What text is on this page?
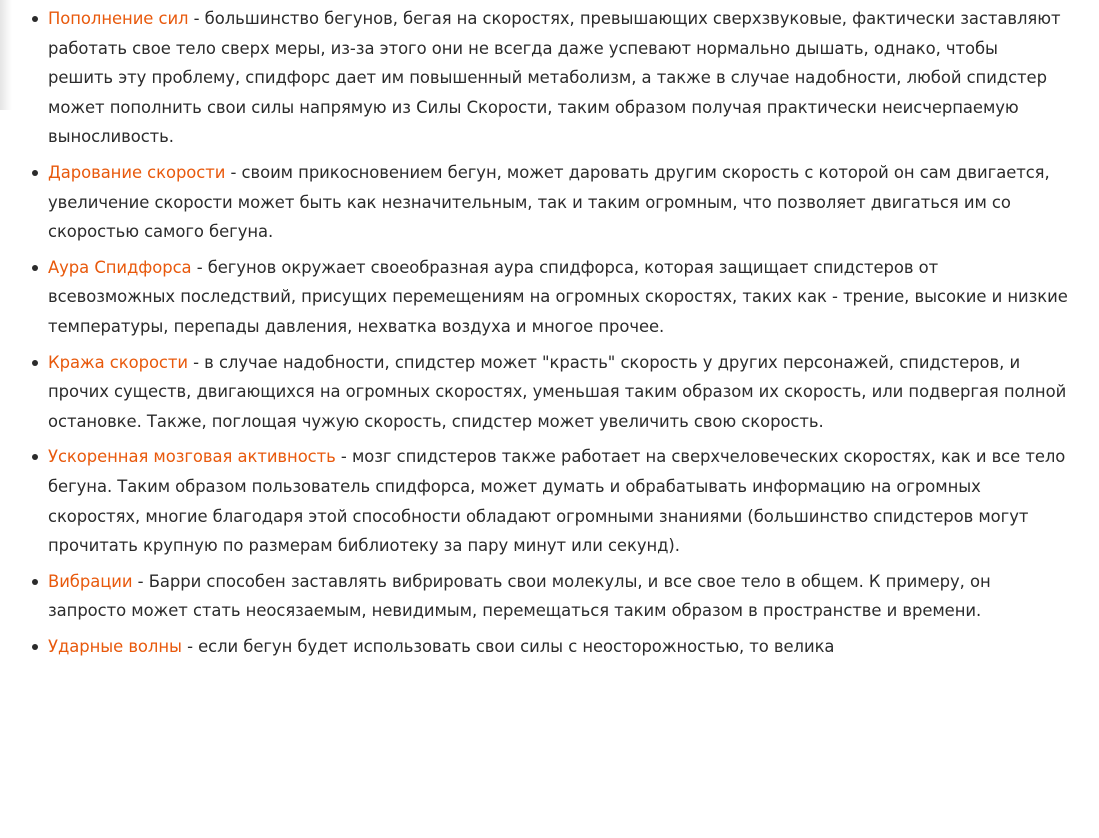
Пополнение сил - большинство бегунов, бегая на скоростях, превышающих сверхзвуковые, фактически заставляют работать свое тело сверх меры, из-за этого они не всегда даже успевают нормально дышать, однако, чтобы решить эту проблему, спидфорс дает им повышенный метаболизм, а также в случае надобности, любой спидстер может пополнить свои силы напрямую из Силы Скорости, таким образом получая практически неисчерпаемую выносливость.
Дарование скорости - своим прикосновением бегун, может даровать другим скорость с которой он сам двигается, увеличение скорости может быть как незначительным, так и таким огромным, что позволяет двигаться им со скоростью самого бегуна.
Аура Спидфорса - бегунов окружает своеобразная аура спидфорса, которая защищает спидстеров от всевозможных последствий, присущих перемещениям на огромных скоростях, таких как - трение, высокие и низкие температуры, перепады давления, нехватка воздуха и многое прочее.
Кража скорости - в случае надобности, спидстер может "красть" скорость у других персонажей, спидстеров, и прочих существ, двигающихся на огромных скоростях, уменьшая таким образом их скорость, или подвергая полной остановке. Также, поглощая чужую скорость, спидстер может увеличить свою скорость.
Ускоренная мозговая активность - мозг спидстеров также работает на сверхчеловеческих скоростях, как и все тело бегуна. Таким образом пользователь спидфорса, может думать и обрабатывать информацию на огромных скоростях, многие благодаря этой способности обладают огромными знаниями (большинство спидстеров могут прочитать крупную по размерам библиотеку за пару минут или секунд).
Вибрации - Барри способен заставлять вибрировать свои молекулы, и все свое тело в общем. К примеру, он запросто может стать неосязаемым, невидимым, перемещаться таким образом в пространстве и времени.
Ударные волны - если бегун будет использовать свои силы с неосторожностью, то велика
